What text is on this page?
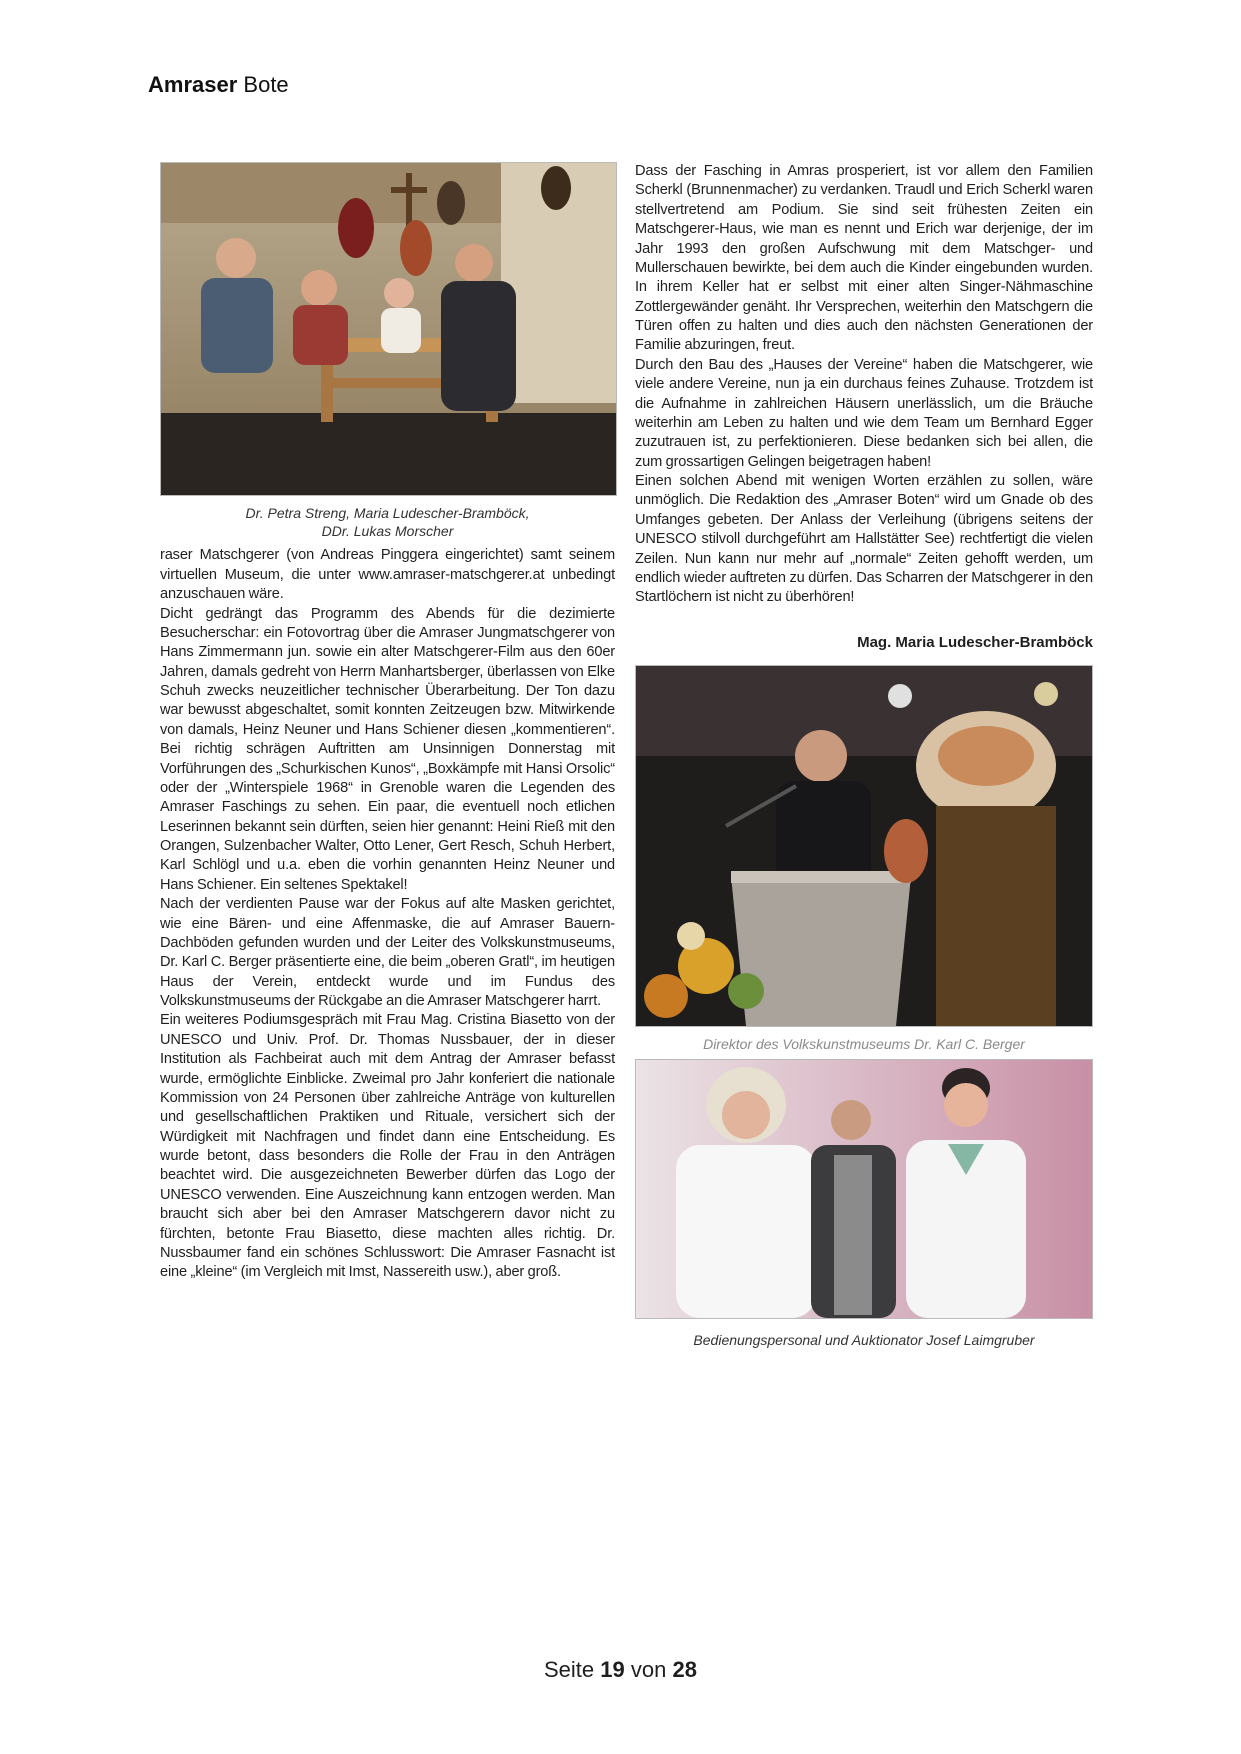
Amraser Bote
Dr. Petra Streng, Maria Ludescher-Bramböck,
DDr. Lukas Morscher

raser Matschgerer (von Andreas Pinggera eingerichtet) samt seinem virtuellen Museum, die unter www.amraser-matschgerer.at unbedingt anzuschauen wäre.

Dicht gedrängt das Programm des Abends für die dezimierte Besucherschar: ein Fotovortrag über die Amraser Jungmatschgerer von Hans Zimmermann jun. sowie ein alter Matschgerer-Film aus den 60er Jahren, damals gedreht von Herrn Manhartsberger, überlassen von Elke Schuh zwecks neuzeitlicher technischer Überarbeitung. Der Ton dazu war bewusst abgeschaltet, somit konnten Zeitzeugen bzw. Mitwirkende von damals, Heinz Neuner und Hans Schiener diesen „kommentieren“. Bei richtig schrägen Auftritten am Unsinnigen Donnerstag mit Vorführungen des „Schurkischen Kunos“, „Boxkämpfe mit Hansi Orsolic“ oder der „Winterspiele 1968“ in Grenoble waren die Legenden des Amraser Faschings zu sehen. Ein paar, die eventuell noch etlichen Leserinnen bekannt sein dürften, seien hier genannt: Heini Rieß mit den Orangen, Sulzenbacher Walter, Otto Lener, Gert Resch, Schuh Herbert, Karl Schlögl und u.a. eben die vorhin genannten Heinz Neuner und Hans Schiener. Ein seltenes Spektakel!

Nach der verdienten Pause war der Fokus auf alte Masken gerichtet, wie eine Bären- und eine Affenmaske, die auf Amraser Bauern-Dachböden gefunden wurden und der Leiter des Volkskunstmuseums, Dr. Karl C. Berger präsentierte eine, die beim „oberen Gratl“, im heutigen Haus der Verein, entdeckt wurde und im Fundus des Volkskunstmuseums der Rückgabe an die Amraser Matschgerer harrt.

Ein weiteres Podiumsgespräch mit Frau Mag. Cristina Biasetto von der UNESCO und Univ. Prof. Dr. Thomas Nussbauer, der in dieser Institution als Fachbeirat auch mit dem Antrag der Amraser befasst wurde, ermöglichte Einblicke. Zweimal pro Jahr konferiert die nationale Kommission von 24 Personen über zahlreiche Anträge von kulturellen und gesellschaftlichen Praktiken und Rituale, versichert sich der Würdigkeit mit Nachfragen und findet dann eine Entscheidung. Es wurde betont, dass besonders die Rolle der Frau in den Anträgen beachtet wird. Die ausgezeichneten Bewerber dürfen das Logo der UNESCO verwenden. Eine Auszeichnung kann entzogen werden. Man braucht sich aber bei den Amraser Matschgerern davor nicht zu fürchten, betonte Frau Biasetto, diese machten alles richtig. Dr. Nussbaumer fand ein schönes Schlusswort: Die Amraser Fasnacht ist eine „kleine“ (im Vergleich mit Imst, Nassereith usw.), aber groß.

Dass der Fasching in Amras prosperiert, ist vor allem den Familien Scherkl (Brunnenmacher) zu verdanken. Traudl und Erich Scherkl waren stellvertretend am Podium. Sie sind seit frühesten Zeiten ein Matschgerer-Haus, wie man es nennt und Erich war derjenige, der im Jahr 1993 den großen Aufschwung mit dem Matschger- und Mullerschauen bewirkte, bei dem auch die Kinder eingebunden wurden. In ihrem Keller hat er selbst mit einer alten Singer-Nähmaschine Zottlergewänder genäht. Ihr Versprechen, weiterhin den Matschgern die Türen offen zu halten und dies auch den nächsten Generationen der Familie abzuringen, freut.

Durch den Bau des „Hauses der Vereine“ haben die Matschgerer, wie viele andere Vereine, nun ja ein durchaus feines Zuhause. Trotzdem ist die Aufnahme in zahlreichen Häusern unerlässlich, um die Bräuche weiterhin am Leben zu halten und wie dem Team um Bernhard Egger zuzutrauen ist, zu perfektionieren. Diese bedanken sich bei allen, die zum grossartigen Gelingen beigetragen haben!

Einen solchen Abend mit wenigen Worten erzählen zu sollen, wäre unmöglich. Die Redaktion des „Amraser Boten“ wird um Gnade ob des Umfanges gebeten. Der Anlass der Verleihung (übrigens seitens der UNESCO stilvoll durchgeführt am Hallstätter See) rechtfertigt die vielen Zeilen. Nun kann nur mehr auf „normale“ Zeiten gehofft werden, um endlich wieder auftreten zu dürfen. Das Scharren der Matschgerer in den Startlöchern ist nicht zu überhören!

Mag. Maria Ludescher-Bramböck
Direktor des Volkskunstmuseums Dr. Karl C. Berger
Bedienungspersonal und Auktionator Josef Laimgruber
Seite 19 von 28
